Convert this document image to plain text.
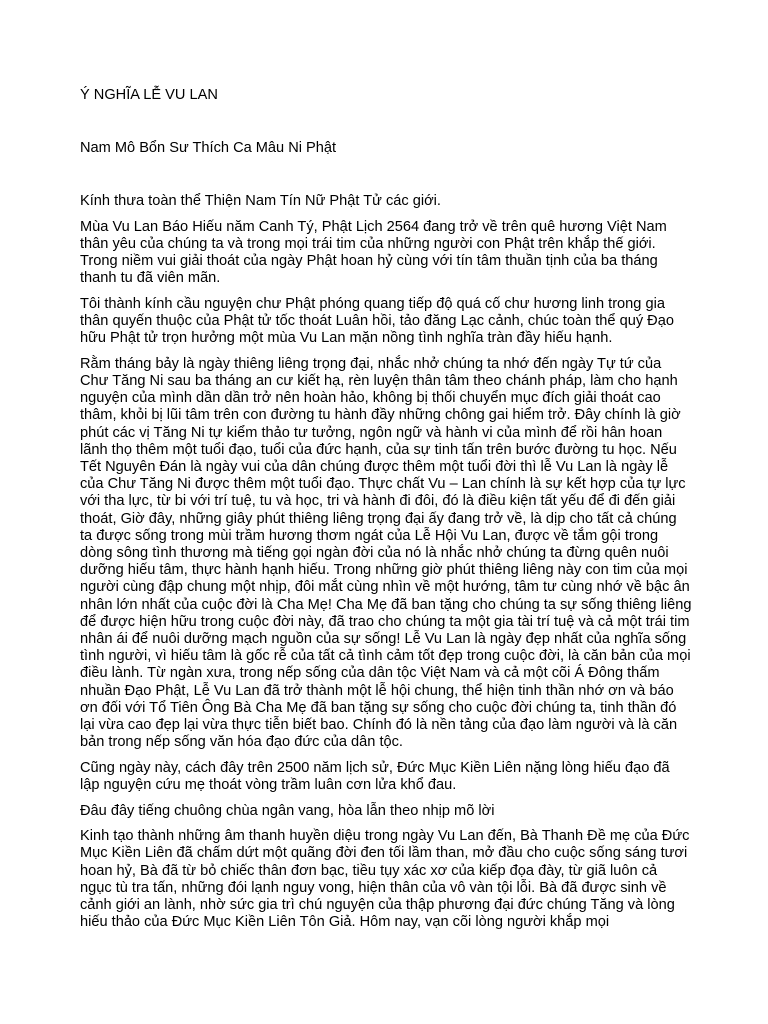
Ý NGHĨA LỄ VU LAN

Nam Mô Bổn Sư Thích Ca Mâu Ni Phật

Kính thưa toàn thể Thiện Nam Tín Nữ Phật Tử các giới.

Mùa Vu Lan Báo Hiếu năm Canh Tý, Phật Lịch 2564 đang trở về trên quê hương Việt Nam thân yêu của chúng ta và trong mọi trái tim của những người con Phật trên khắp thế giới. Trong niềm vui giải thoát của ngày Phật hoan hỷ cùng với tín tâm thuần tịnh của ba tháng thanh tu đã viên mãn.

Tôi thành kính cầu nguyện chư Phật phóng quang tiếp độ quá cố chư hương linh trong gia thân quyến thuộc của Phật tử tốc thoát Luân hồi, tảo đăng Lạc cảnh, chúc toàn thể quý Đạo hữu Phật tử trọn hưởng một mùa Vu Lan mặn nồng tình nghĩa tràn đầy hiếu hạnh.

Rằm tháng bảy là ngày thiêng liêng trọng đại, nhắc nhở chúng ta nhớ đến ngày Tự tứ của Chư Tăng Ni sau ba tháng an cư kiết hạ, rèn luyện thân tâm theo chánh pháp, làm cho hạnh nguyện của mình dần dần trở nên hoàn hảo, không bị thối chuyển mục đích giải thoát cao thâm, khỏi bị lũi tâm trên con đường tu hành đầy những chông gai hiểm trở. Đây chính là giờ phút các vị Tăng Ni tự kiểm thảo tư tưởng, ngôn ngữ và hành vi của mình để rồi hân hoan lãnh thọ thêm một tuổi đạo, tuổi của đức hạnh, của sự tinh tấn trên bước đường tu học. Nếu Tết Nguyên Đán là ngày vui của dân chúng được thêm một tuổi đời thì lễ Vu Lan là ngày lễ của Chư Tăng Ni được thêm một tuổi đạo. Thực chất Vu – Lan chính là sự kết hợp của tự lực với tha lực, từ bi với trí tuệ, tu và học, tri và hành đi đôi, đó là điều kiện tất yếu để đi đến giải thoát, Giờ đây, những giây phút thiêng liêng trọng đại ấy đang trở về, là dịp cho tất cả chúng ta được sống trong mùi trầm hương thơm ngát của Lễ Hội Vu Lan, được về tắm gội trong dòng sông tình thương mà tiếng gọi ngàn đời của nó là nhắc nhở chúng ta đừng quên nuôi dưỡng hiếu tâm, thực hành hạnh hiếu. Trong những giờ phút thiêng liêng này con tim của mọi người cùng đập chung một nhịp, đôi mắt cùng nhìn về một hướng, tâm tư cùng nhớ về bậc ân nhân lớn nhất của cuộc đời là Cha Mẹ! Cha Mẹ đã ban tặng cho chúng ta sự sống thiêng liêng để được hiện hữu trong cuộc đời này, đã trao cho chúng ta một gia tài trí tuệ và cả một trái tim nhân ái để nuôi dưỡng mạch nguồn của sự sống! Lễ Vu Lan là ngày đẹp nhất của nghĩa sống tình người, vì hiếu tâm là gốc rễ của tất cả tình cảm tốt đẹp trong cuộc đời, là căn bản của mọi điều lành. Từ ngàn xưa, trong nếp sống của dân tộc Việt Nam và cả một cõi Á Đông thấm nhuần Đạo Phật, Lễ Vu Lan đã trở thành một lễ hội chung, thể hiện tinh thần nhớ ơn và báo ơn đối với Tổ Tiên Ông Bà Cha Mẹ đã ban tặng sự sống cho cuộc đời chúng ta, tinh thần đó lại vừa cao đẹp lại vừa thực tiễn biết bao. Chính đó là nền tảng của đạo làm người và là căn bản trong nếp sống văn hóa đạo đức của dân tộc.

Cũng ngày này, cách đây trên 2500 năm lịch sử, Đức Mục Kiền Liên nặng lòng hiếu đạo đã lập nguyện cứu mẹ thoát vòng trầm luân cơn lửa khổ đau.

Đâu đây tiếng chuông chùa ngân vang, hòa lẫn theo nhịp mõ lời

Kinh tạo thành những âm thanh huyền diệu trong ngày Vu Lan đến, Bà Thanh Đề mẹ của Đức Mục Kiền Liên đã chấm dứt một quãng đời đen tối lầm than, mở đầu cho cuộc sống sáng tươi hoan hỷ, Bà đã từ bỏ chiếc thân đơn bạc, tiều tụy xác xơ của kiếp đọa đày, từ giã luôn cả ngục tù tra tấn, những đói lạnh nguy vong, hiện thân của vô vàn tội lỗi. Bà đã được sinh về cảnh giới an lành, nhờ sức gia trì chú nguyện của thập phương đại đức chúng Tăng và lòng hiếu thảo của Đức Mục Kiền Liên Tôn Giả. Hôm nay, vạn cõi lòng người khắp mọi
